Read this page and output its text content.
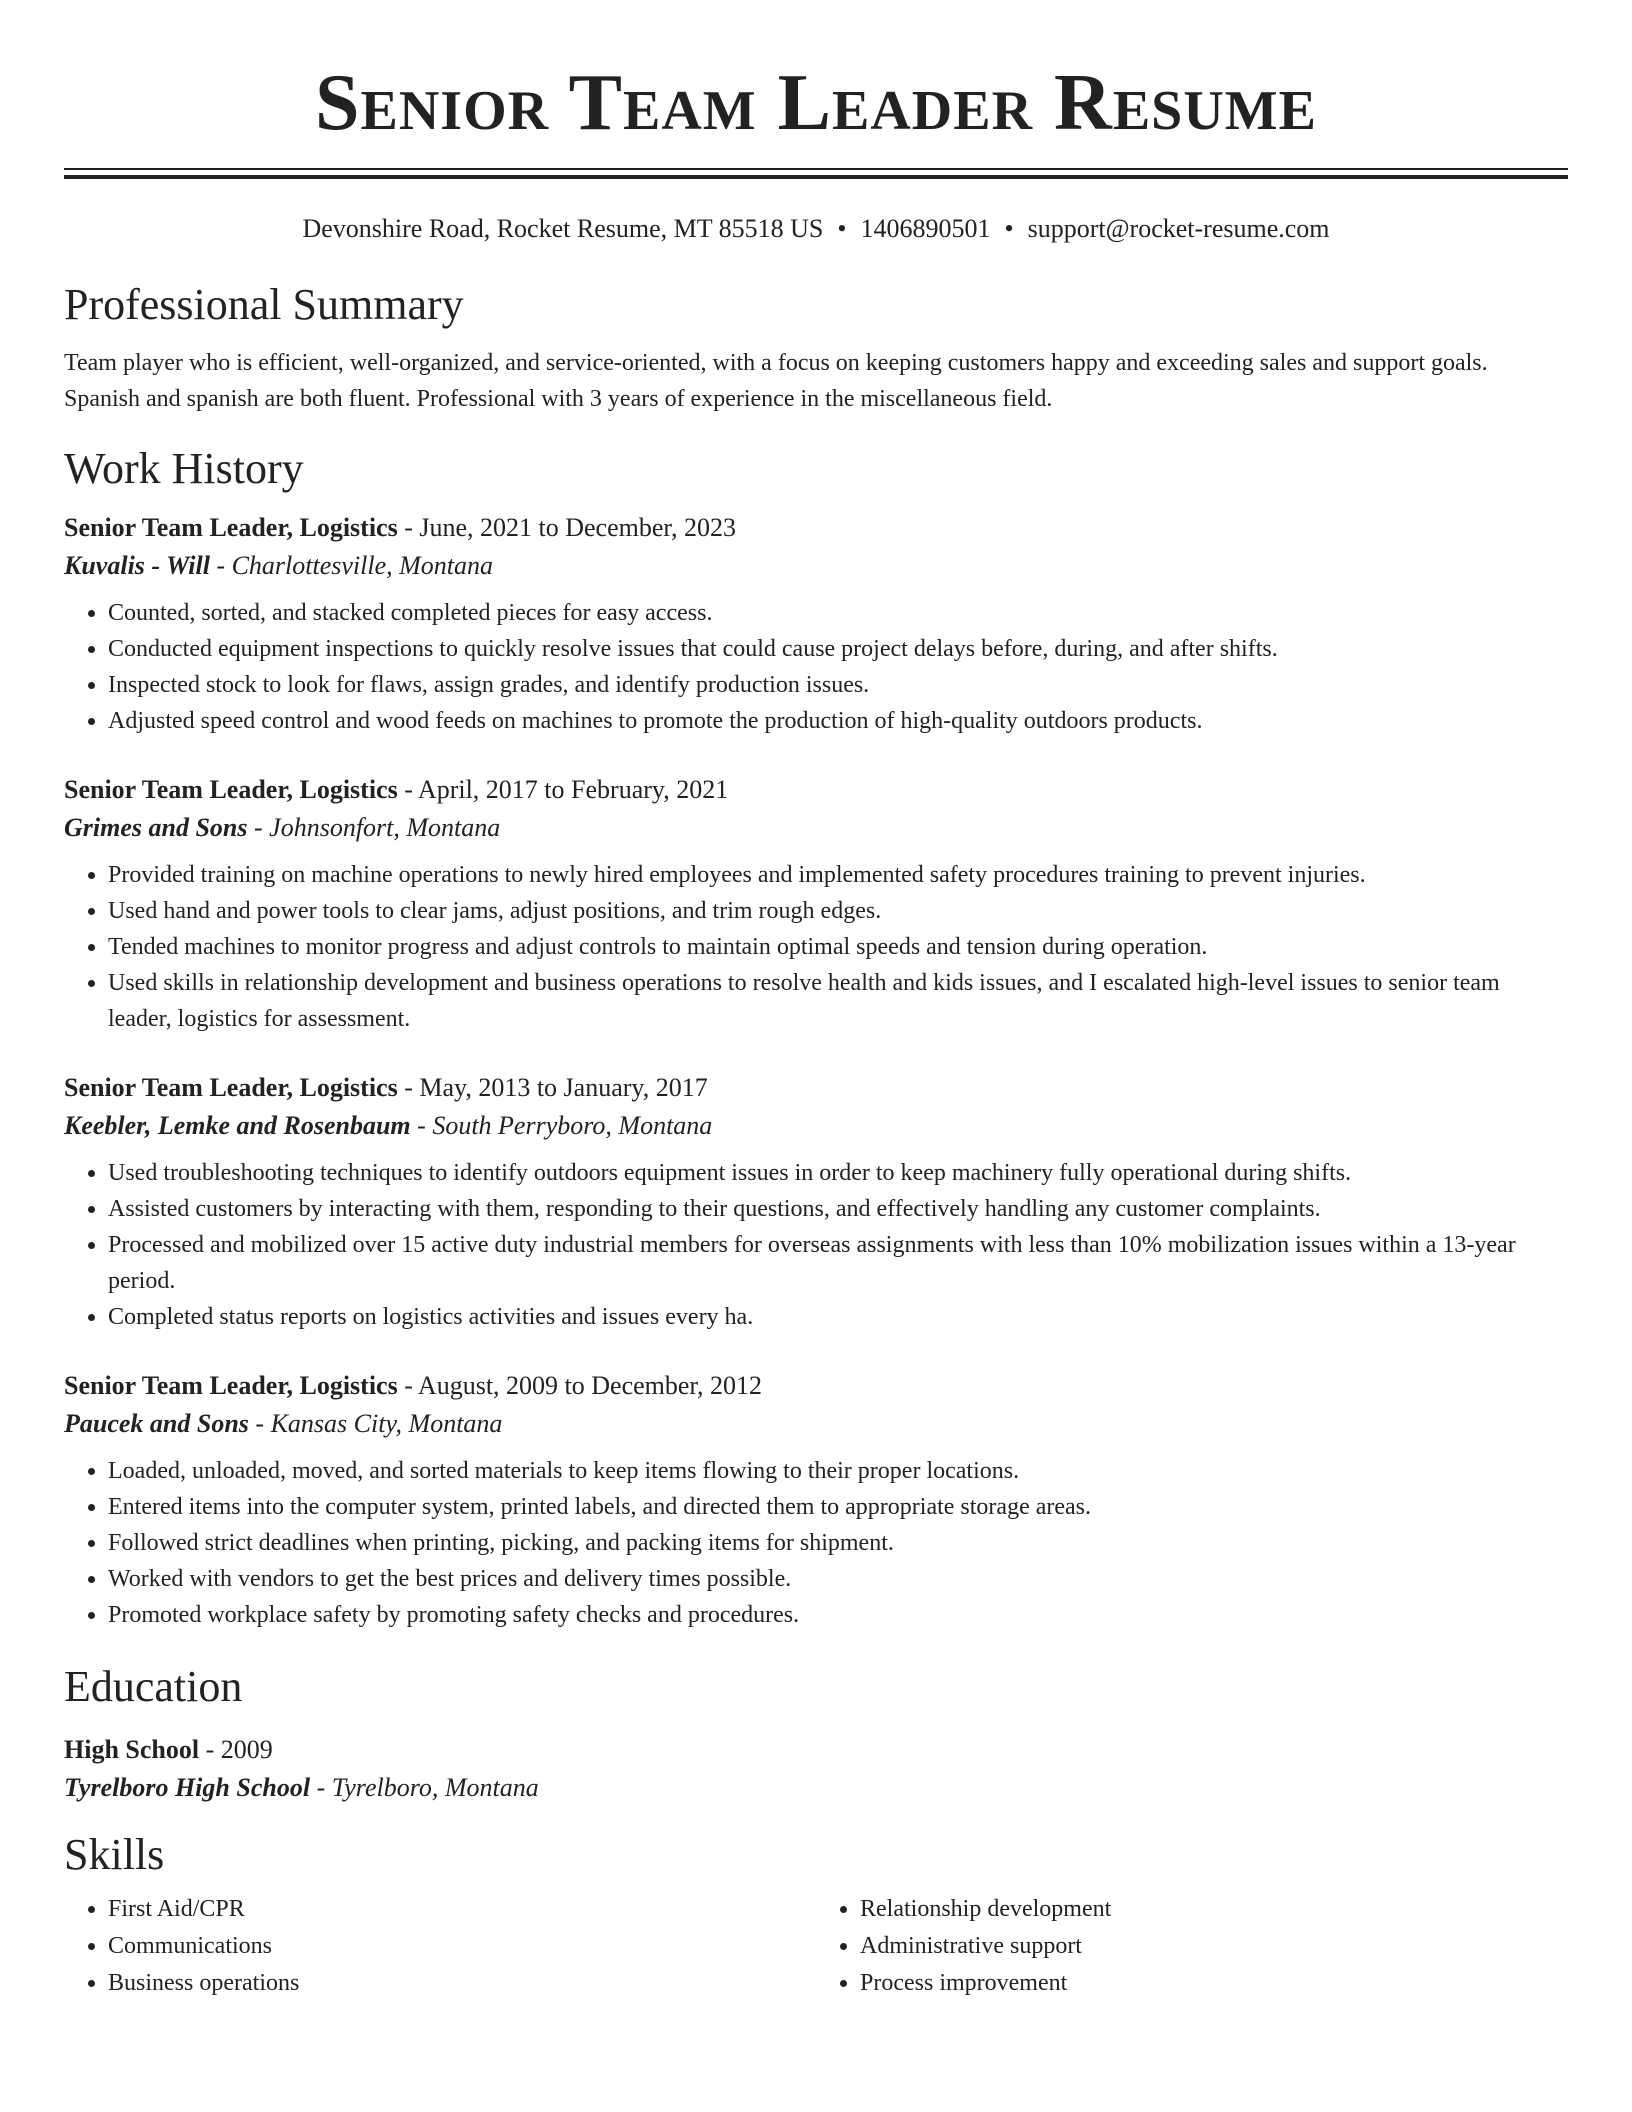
Senior Team Leader Resume
Devonshire Road, Rocket Resume, MT 85518 US • 1406890501 • support@rocket-resume.com
Professional Summary
Team player who is efficient, well-organized, and service-oriented, with a focus on keeping customers happy and exceeding sales and support goals. Spanish and spanish are both fluent. Professional with 3 years of experience in the miscellaneous field.
Work History
Senior Team Leader, Logistics - June, 2021 to December, 2023
Kuvalis - Will - Charlottesville, Montana
• Counted, sorted, and stacked completed pieces for easy access.
• Conducted equipment inspections to quickly resolve issues that could cause project delays before, during, and after shifts.
• Inspected stock to look for flaws, assign grades, and identify production issues.
• Adjusted speed control and wood feeds on machines to promote the production of high-quality outdoors products.
Senior Team Leader, Logistics - April, 2017 to February, 2021
Grimes and Sons - Johnsonfort, Montana
• Provided training on machine operations to newly hired employees and implemented safety procedures training to prevent injuries.
• Used hand and power tools to clear jams, adjust positions, and trim rough edges.
• Tended machines to monitor progress and adjust controls to maintain optimal speeds and tension during operation.
• Used skills in relationship development and business operations to resolve health and kids issues, and I escalated high-level issues to senior team leader, logistics for assessment.
Senior Team Leader, Logistics - May, 2013 to January, 2017
Keebler, Lemke and Rosenbaum - South Perryboro, Montana
• Used troubleshooting techniques to identify outdoors equipment issues in order to keep machinery fully operational during shifts.
• Assisted customers by interacting with them, responding to their questions, and effectively handling any customer complaints.
• Processed and mobilized over 15 active duty industrial members for overseas assignments with less than 10% mobilization issues within a 13-year period.
• Completed status reports on logistics activities and issues every ha.
Senior Team Leader, Logistics - August, 2009 to December, 2012
Paucek and Sons - Kansas City, Montana
• Loaded, unloaded, moved, and sorted materials to keep items flowing to their proper locations.
• Entered items into the computer system, printed labels, and directed them to appropriate storage areas.
• Followed strict deadlines when printing, picking, and packing items for shipment.
• Worked with vendors to get the best prices and delivery times possible.
• Promoted workplace safety by promoting safety checks and procedures.
Education
High School - 2009
Tyrelboro High School - Tyrelboro, Montana
Skills
• First Aid/CPR
• Communications
• Business operations
• Relationship development
• Administrative support
• Process improvement
